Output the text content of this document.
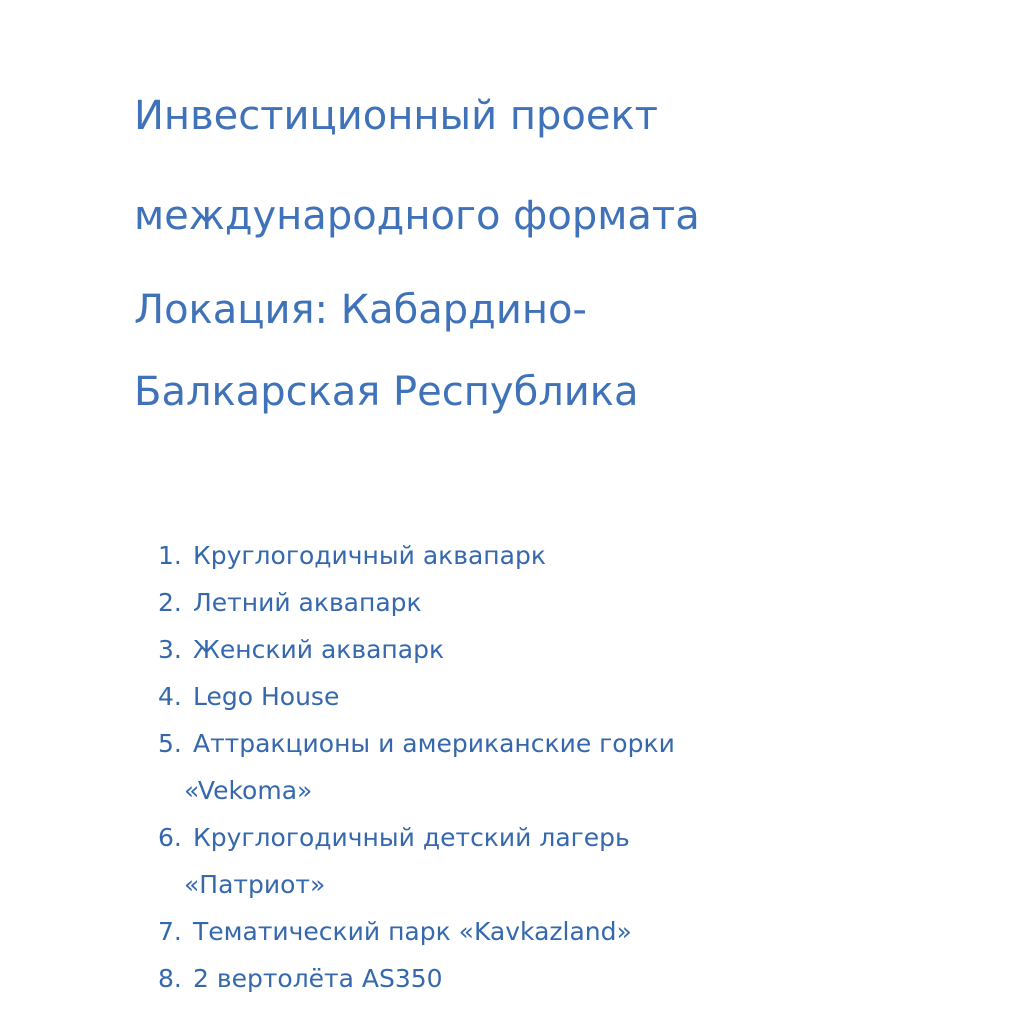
Инвестиционный проект
международного формата
Локация: Кабардино-
Балкарская Республика
1. Круглогодичный аквапарк
2. Летний аквапарк
3. Женский аквапарк
4. Lego House
5. Аттракционы и американские горки
«Vekoma»
6. Круглогодичный детский лагерь
«Патриот»
7. Тематический парк «Kavkazland»
8. 2 вертолёта AS350
